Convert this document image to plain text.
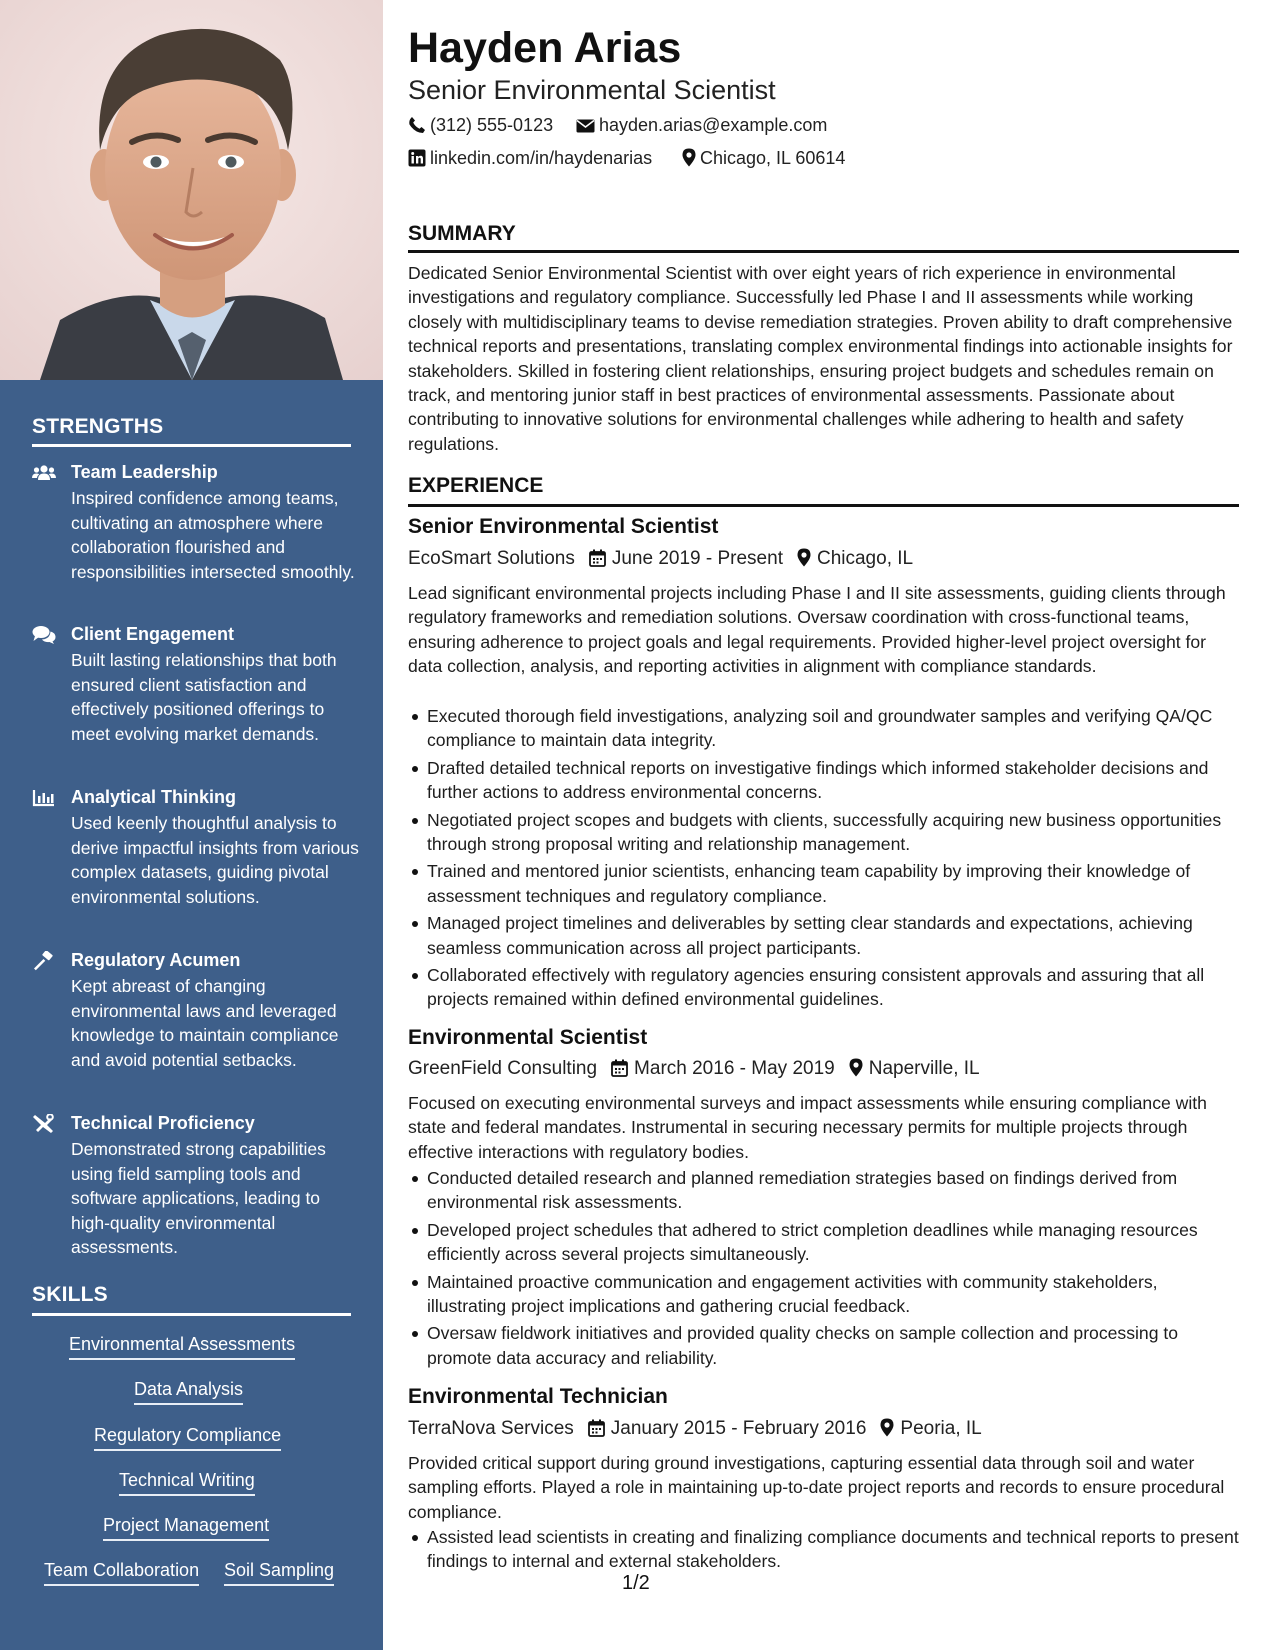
STRENGTHS
Team Leadership
Inspired confidence among teams, cultivating an atmosphere where collaboration flourished and responsibilities intersected smoothly.
Client Engagement
Built lasting relationships that both ensured client satisfaction and effectively positioned offerings to meet evolving market demands.
Analytical Thinking
Used keenly thoughtful analysis to derive impactful insights from various complex datasets, guiding pivotal environmental solutions.
Regulatory Acumen
Kept abreast of changing environmental laws and leveraged knowledge to maintain compliance and avoid potential setbacks.
Technical Proficiency
Demonstrated strong capabilities using field sampling tools and software applications, leading to high-quality environmental assessments.
SKILLS
Environmental Assessments
Data Analysis
Regulatory Compliance
Technical Writing
Project Management
Team Collaboration Soil Sampling
Hayden Arias
Senior Environmental Scientist
(312) 555-0123	hayden.arias@example.com
linkedin.com/in/haydenarias	Chicago, IL 60614
SUMMARY
Dedicated Senior Environmental Scientist with over eight years of rich experience in environmental investigations and regulatory compliance. Successfully led Phase I and II assessments while working closely with multidisciplinary teams to devise remediation strategies. Proven ability to draft comprehensive technical reports and presentations, translating complex environmental findings into actionable insights for stakeholders. Skilled in fostering client relationships, ensuring project budgets and schedules remain on track, and mentoring junior staff in best practices of environmental assessments. Passionate about contributing to innovative solutions for environmental challenges while adhering to health and safety regulations.
EXPERIENCE
Senior Environmental Scientist
EcoSmart Solutions June 2019 - Present Chicago, IL
Lead significant environmental projects including Phase I and II site assessments, guiding clients through regulatory frameworks and remediation solutions. Oversaw coordination with cross-functional teams, ensuring adherence to project goals and legal requirements. Provided higher-level project oversight for data collection, analysis, and reporting activities in alignment with compliance standards.
Executed thorough field investigations, analyzing soil and groundwater samples and verifying QA/QC compliance to maintain data integrity.
Drafted detailed technical reports on investigative findings which informed stakeholder decisions and further actions to address environmental concerns.
Negotiated project scopes and budgets with clients, successfully acquiring new business opportunities through strong proposal writing and relationship management.
Trained and mentored junior scientists, enhancing team capability by improving their knowledge of assessment techniques and regulatory compliance.
Managed project timelines and deliverables by setting clear standards and expectations, achieving seamless communication across all project participants.
Collaborated effectively with regulatory agencies ensuring consistent approvals and assuring that all projects remained within defined environmental guidelines.
Environmental Scientist
GreenField Consulting March 2016 - May 2019 Naperville, IL
Focused on executing environmental surveys and impact assessments while ensuring compliance with state and federal mandates. Instrumental in securing necessary permits for multiple projects through effective interactions with regulatory bodies.
Conducted detailed research and planned remediation strategies based on findings derived from environmental risk assessments.
Developed project schedules that adhered to strict completion deadlines while managing resources efficiently across several projects simultaneously.
Maintained proactive communication and engagement activities with community stakeholders, illustrating project implications and gathering crucial feedback.
Oversaw fieldwork initiatives and provided quality checks on sample collection and processing to promote data accuracy and reliability.
Environmental Technician
TerraNova Services January 2015 - February 2016 Peoria, IL
Provided critical support during ground investigations, capturing essential data through soil and water sampling efforts. Played a role in maintaining up-to-date project reports and records to ensure procedural compliance.
Assisted lead scientists in creating and finalizing compliance documents and technical reports to present findings to internal and external stakeholders.
1/2
